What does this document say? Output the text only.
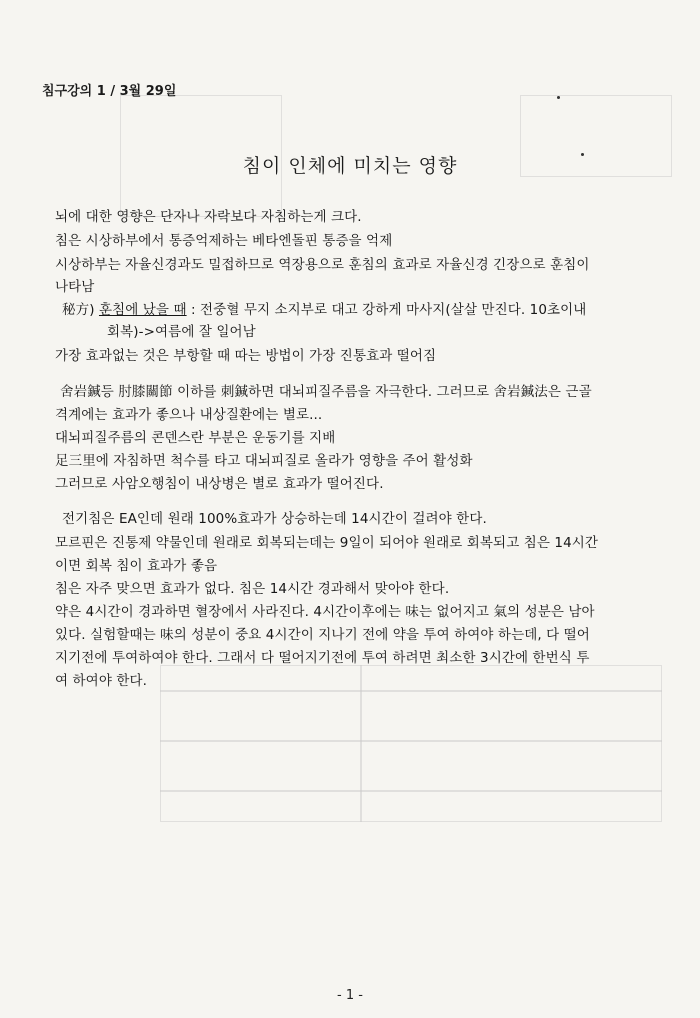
침구강의 1 / 3월 29일
침이 인체에 미치는 영향
뇌에 대한 영향은 단자나 자락보다 자침하는게 크다.
침은 시상하부에서 통증억제하는 베타엔돌핀 통증을 억제
시상하부는 자율신경과도 밀접하므로 역장용으로 훈침의 효과로 자율신경 긴장으로 훈침이
나타남
秘方) 훈침에 났을 때 : 전중혈 무지 소지부로 대고 강하게 마사지(살살 만진다. 10초이내
회복)->여름에 잘 일어남
가장 효과없는 것은 부항할 때 따는 방법이 가장 진통효과 떨어짐
舍岩鍼등 肘膝關節 이하를 刺鍼하면 대뇌피질주름을 자극한다. 그러므로 舍岩鍼法은 근골
격계에는 효과가 좋으나 내상질환에는 별로...
대뇌피질주름의 콘덴스란 부분은 운동기를 지배
足三里에 자침하면 척수를 타고 대뇌피질로 올라가 영향을 주어 활성화
그러므로 사암오행침이 내상병은 별로 효과가 떨어진다.
전기침은 EA인데 원래 100%효과가 상승하는데 14시간이 걸려야 한다.
모르핀은 진통제 약물인데 원래로 회복되는데는 9일이 되어야 원래로 회복되고 침은 14시간
이면 회복 침이 효과가 좋음
침은 자주 맞으면 효과가 없다. 침은 14시간 경과해서 맞아야 한다.
약은 4시간이 경과하면 혈장에서 사라진다. 4시간이후에는 味는 없어지고 氣의 성분은 남아
있다. 실험할때는 味의 성분이 중요 4시간이 지나기 전에 약을 투여 하여야 하는데, 다 떨어
지기전에 투여하여야 한다. 그래서 다 떨어지기전에 투여 하려면 최소한 3시간에 한번식 투
여 하여야 한다.
- 1 -
